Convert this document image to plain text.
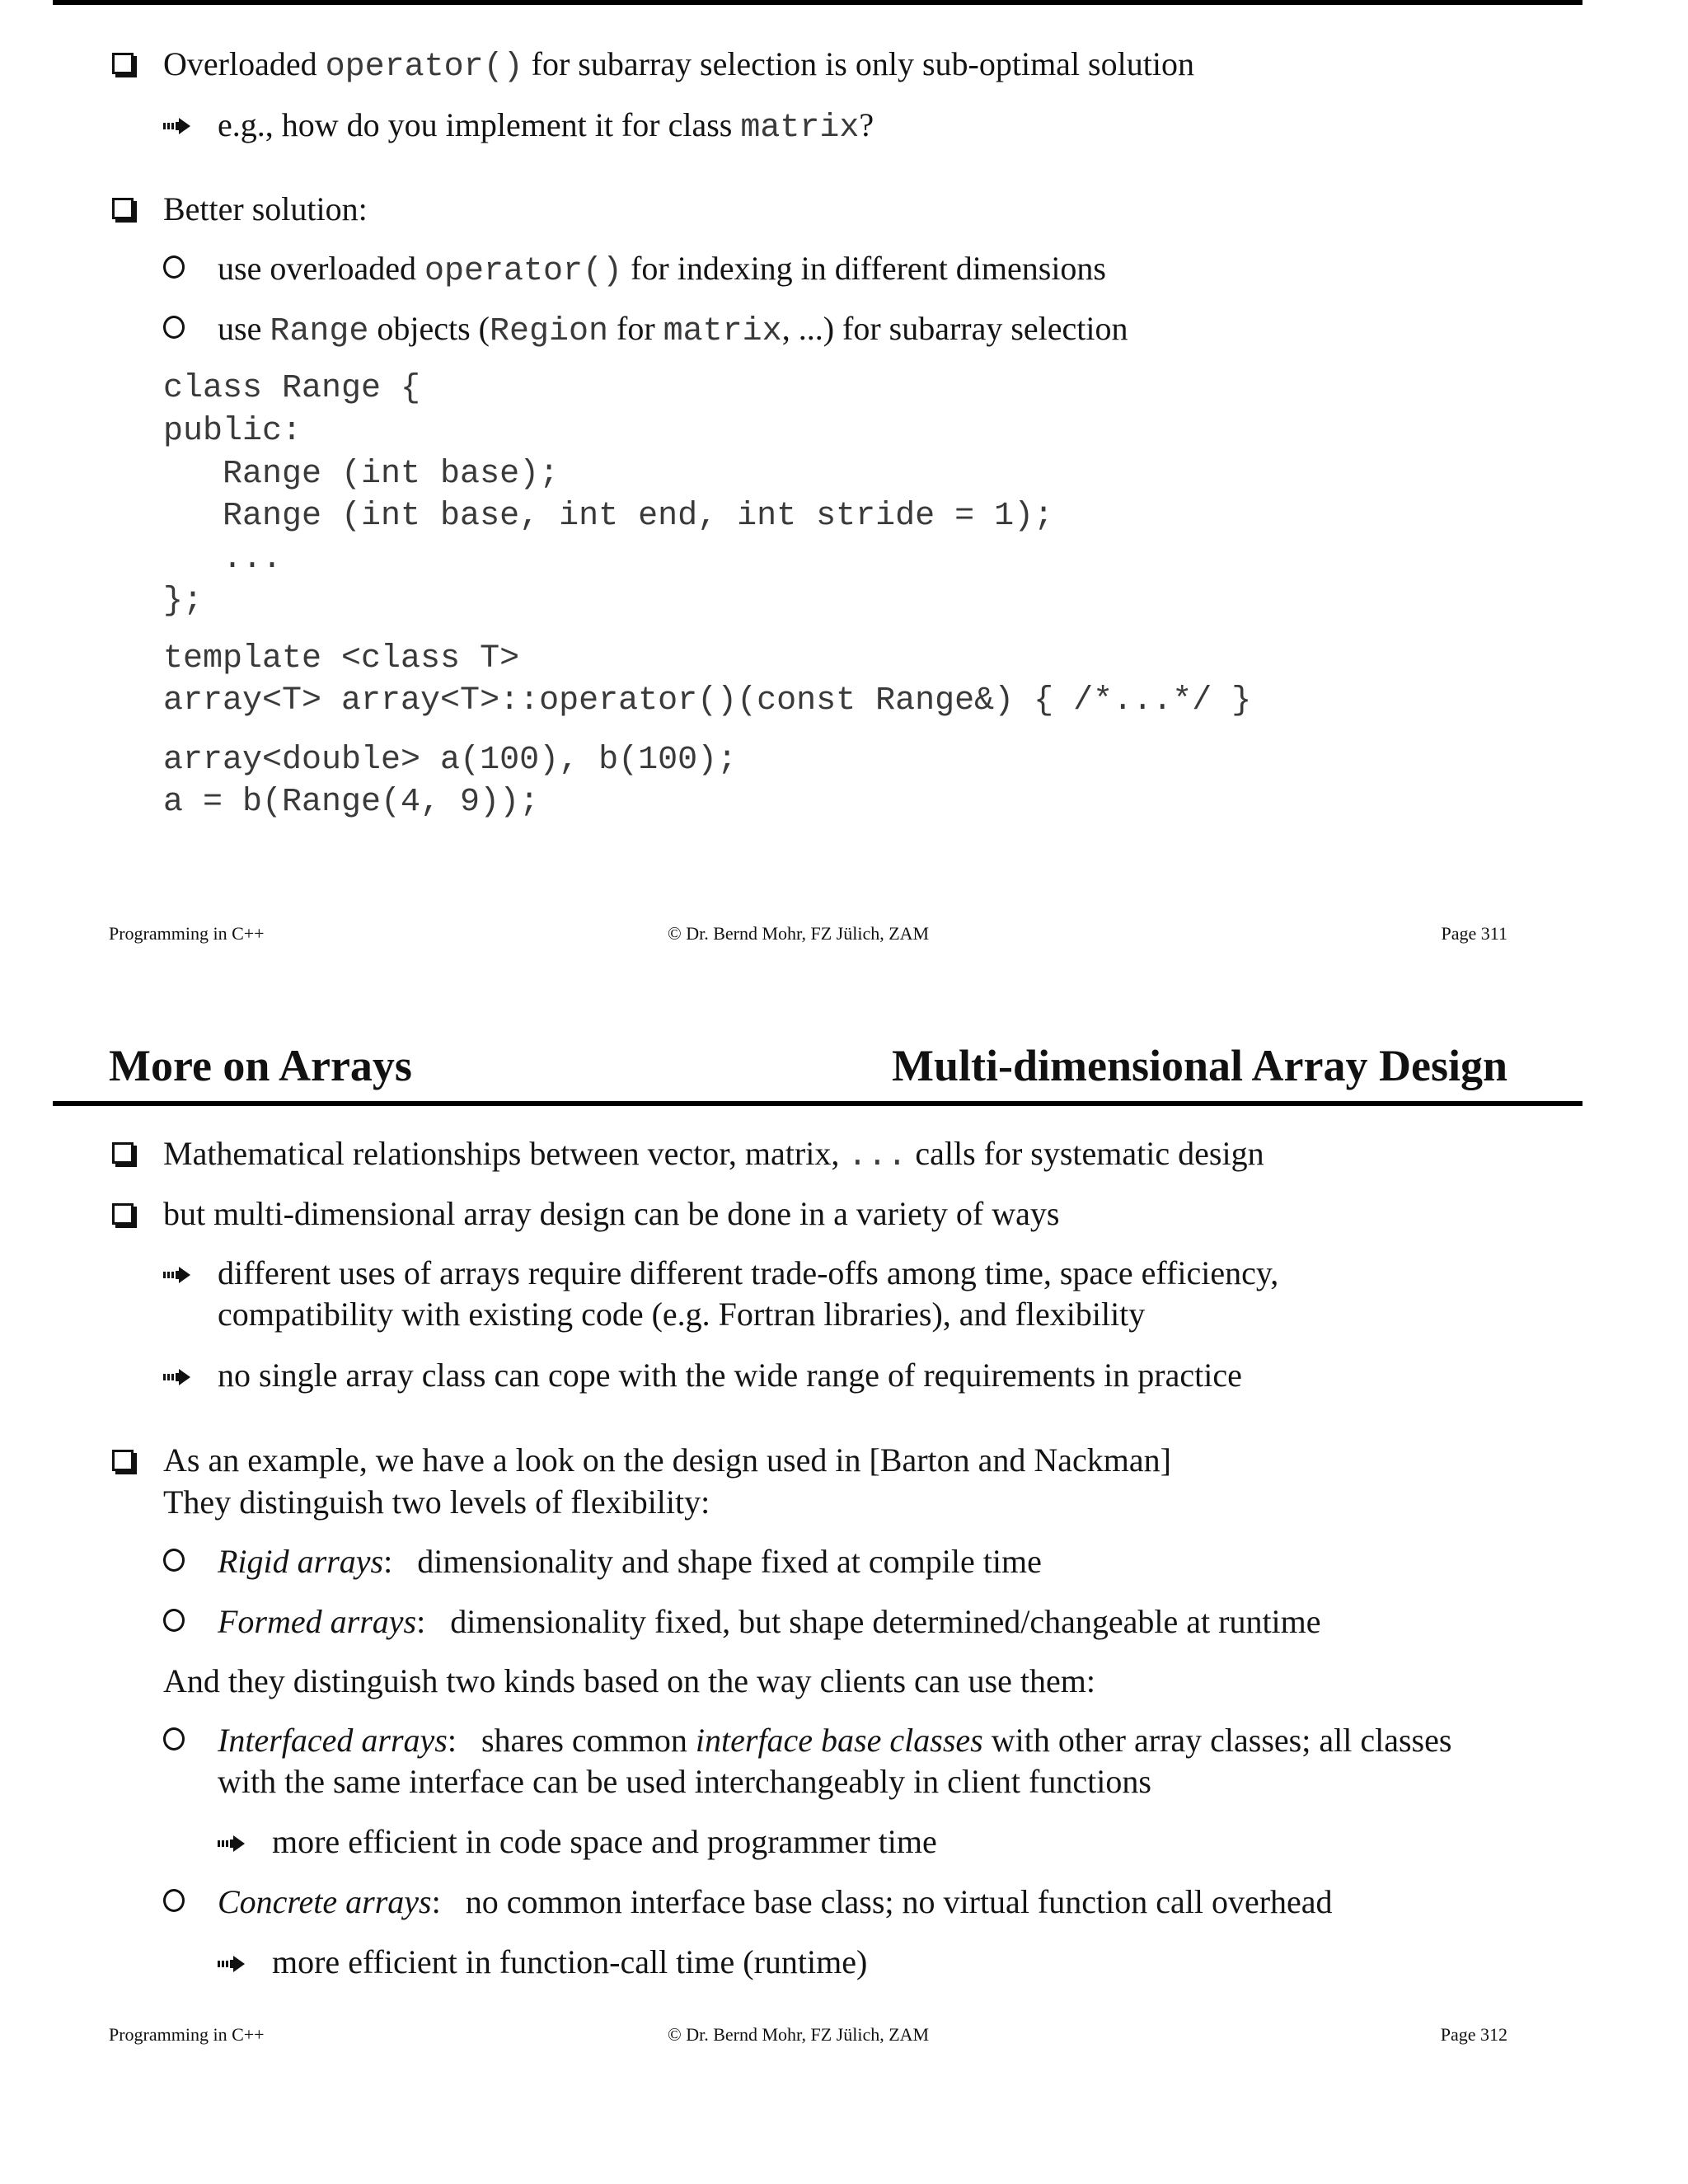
Overloaded operator() for subarray selection is only sub-optimal solution
e.g., how do you implement it for class matrix?
Better solution:
use overloaded operator() for indexing in different dimensions
use Range objects (Region for matrix, ...) for subarray selection
class Range {
public:
Range (int base);
Range (int base, int end, int stride = 1);
...
};
template <class T>
array<T> array<T>::operator()(const Range&) { /*...*/ }
array<double> a(100), b(100);
a = b(Range(4, 9));
Programming in C++	© Dr. Bernd Mohr, FZ Jülich, ZAM	Page 311
More on Arrays	Multi-dimensional Array Design
Mathematical relationships between vector, matrix, ... calls for systematic design
but multi-dimensional array design can be done in a variety of ways
different uses of arrays require different trade-offs among time, space efficiency,
compatibility with existing code (e.g. Fortran libraries), and flexibility
no single array class can cope with the wide range of requirements in practice
As an example, we have a look on the design used in [Barton and Nackman]
They distinguish two levels of flexibility:
Rigid arrays:   dimensionality and shape fixed at compile time
Formed arrays:   dimensionality fixed, but shape determined/changeable at runtime
And they distinguish two kinds based on the way clients can use them:
Interfaced arrays:   shares common interface base classes with other array classes; all classes
with the same interface can be used interchangeably in client functions
more efficient in code space and programmer time
Concrete arrays:   no common interface base class; no virtual function call overhead
more efficient in function-call time (runtime)
Programming in C++	© Dr. Bernd Mohr, FZ Jülich, ZAM	Page 312
